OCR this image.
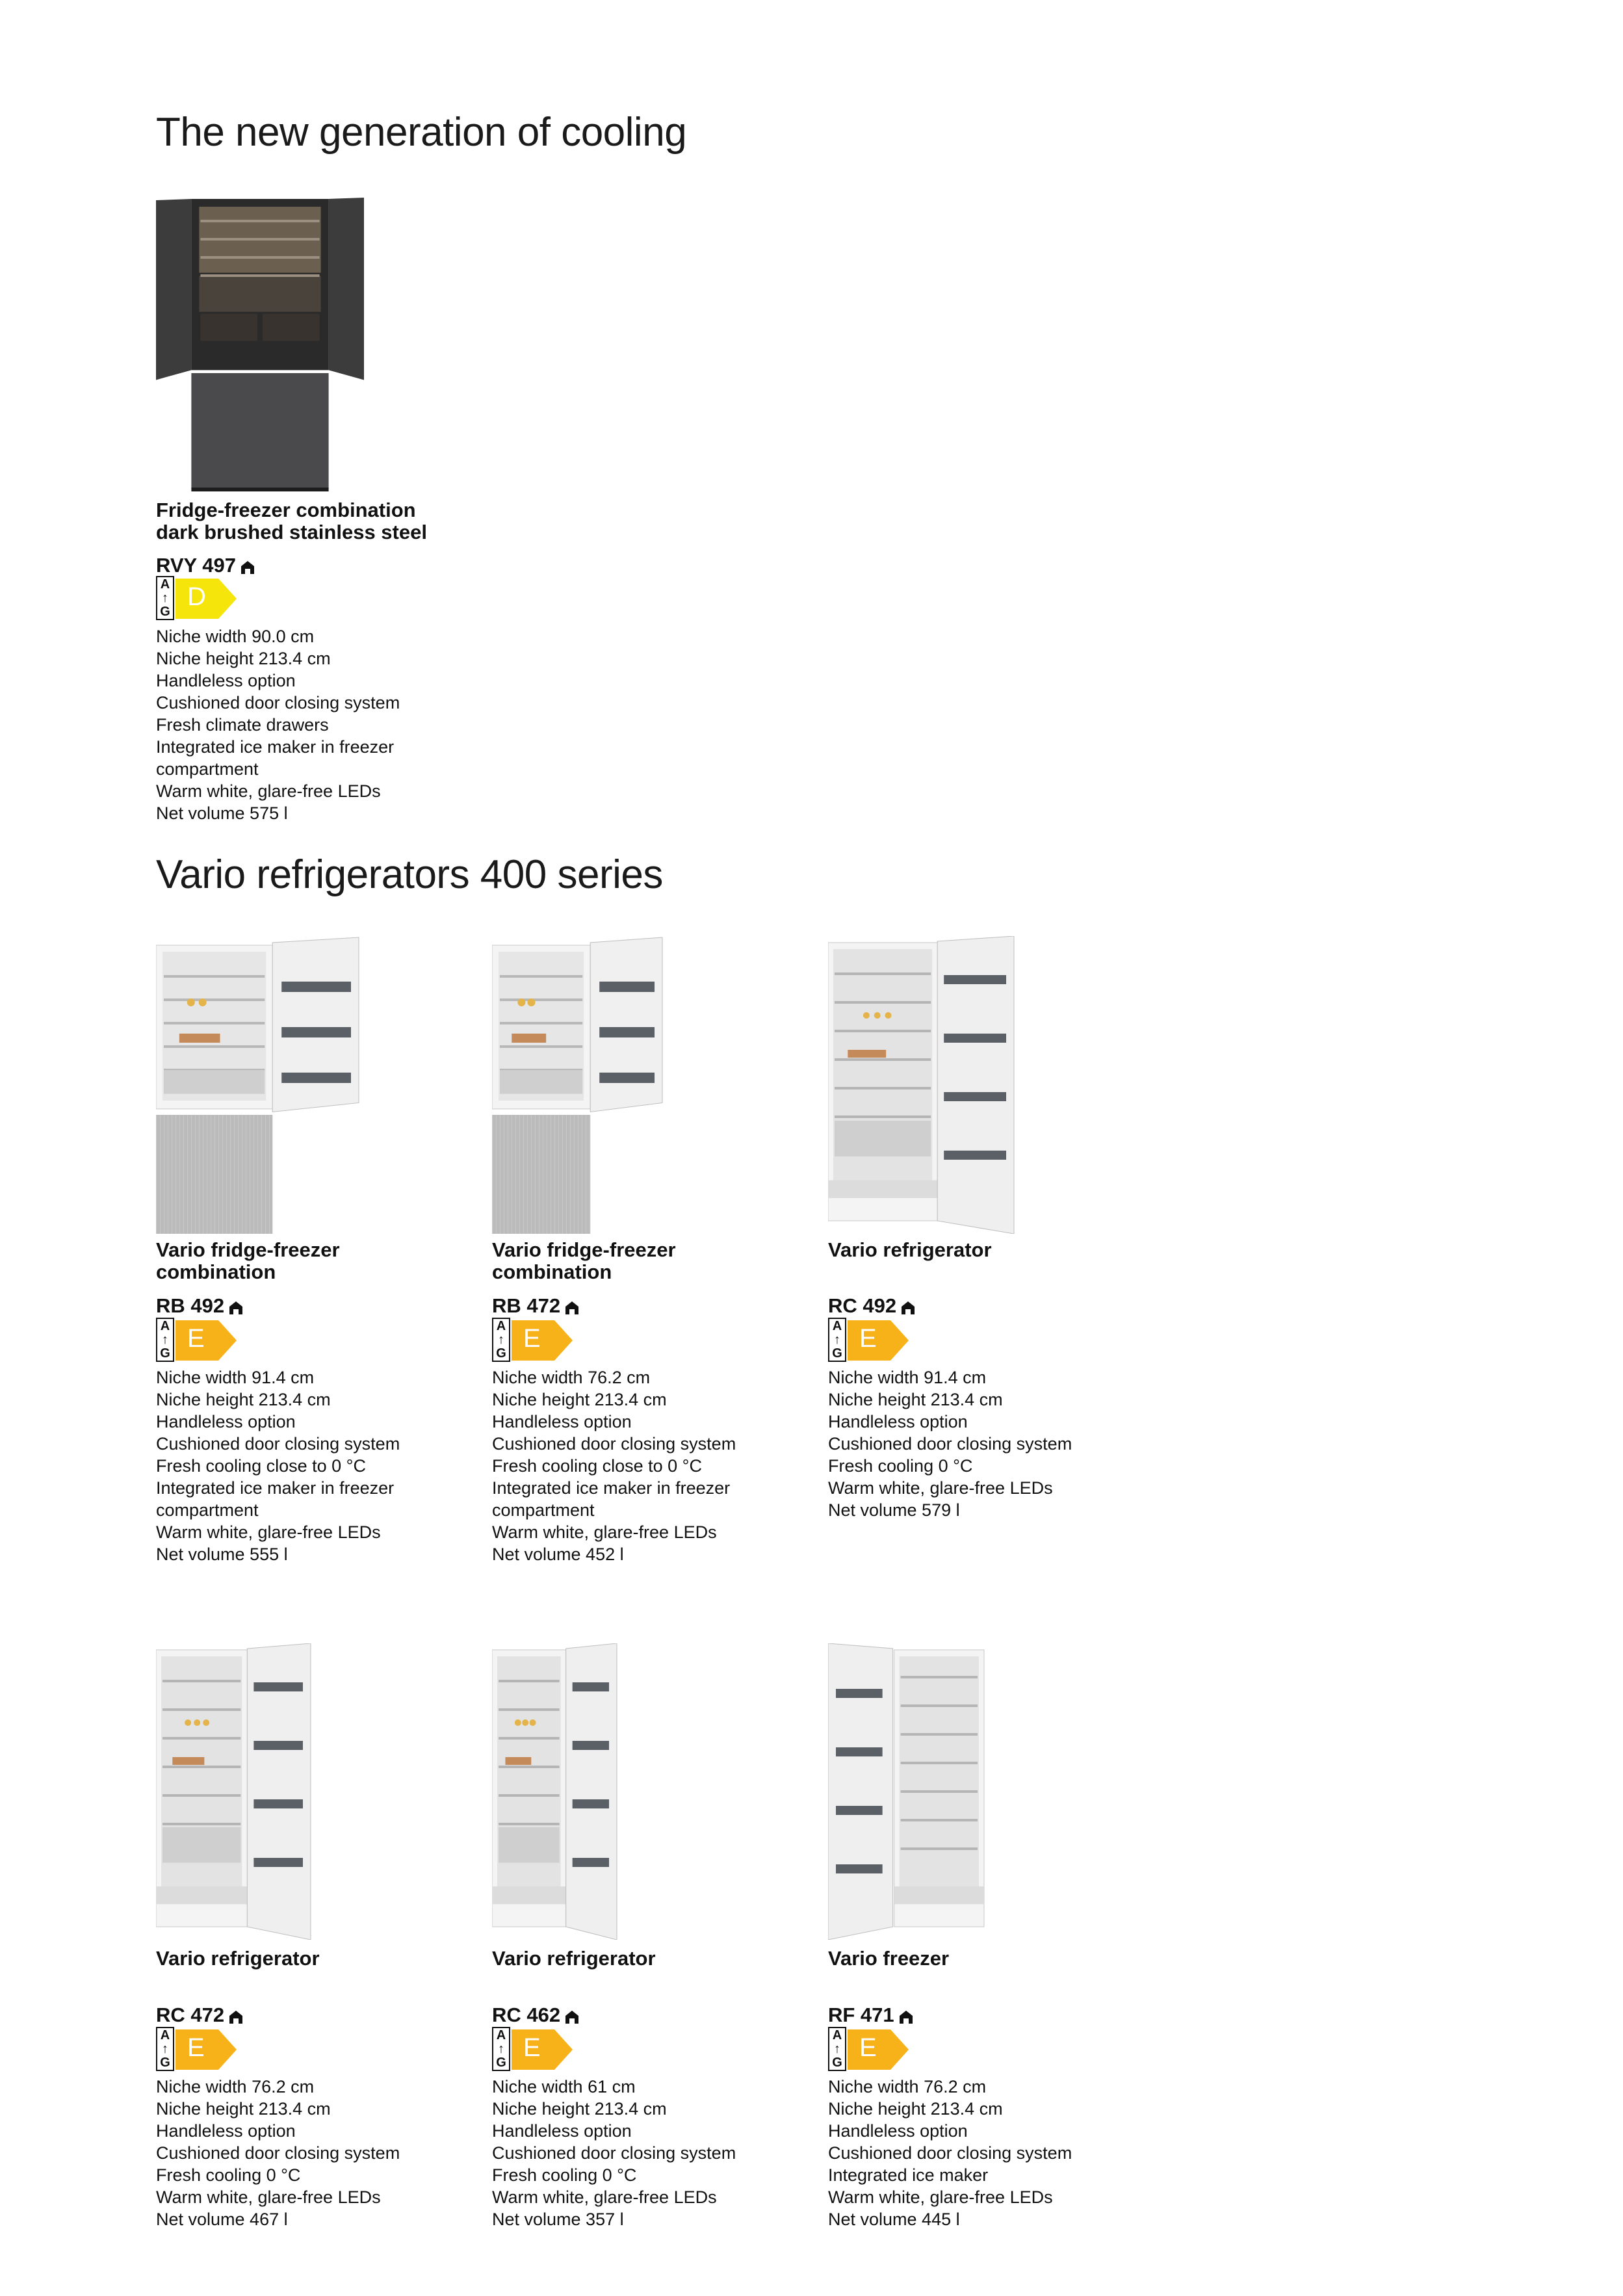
The new generation of cooling
Vario refrigerators 400 series
Fridge-freezer combination
dark brushed stainless steel
RVY 497
A
↑
G
D
Niche width 90.0 cm
Niche height 213.4 cm
Handleless option
Cushioned door closing system
Fresh climate drawers
Integrated ice maker in freezer
compartment
Warm white, glare-free LEDs
Net volume 575 l
Vario fridge-freezer
combination
RB 492
A
↑
G
E
Niche width 91.4 cm
Niche height 213.4 cm
Handleless option
Cushioned door closing system
Fresh cooling close to 0 °C
Integrated ice maker in freezer
compartment
Warm white, glare-free LEDs
Net volume 555 l
Vario fridge-freezer
combination
RB 472
A
↑
G
E
Niche width 76.2 cm
Niche height 213.4 cm
Handleless option
Cushioned door closing system
Fresh cooling close to 0 °C
Integrated ice maker in freezer
compartment
Warm white, glare-free LEDs
Net volume 452 l
Vario refrigerator
RC 492
A
↑
G
E
Niche width 91.4 cm
Niche height 213.4 cm
Handleless option
Cushioned door closing system
Fresh cooling 0 °C
Warm white, glare-free LEDs
Net volume 579 l
Vario refrigerator
RC 472
A
↑
G
E
Niche width 76.2 cm
Niche height 213.4 cm
Handleless option
Cushioned door closing system
Fresh cooling 0 °C
Warm white, glare-free LEDs
Net volume 467 l
Vario refrigerator
RC 462
A
↑
G
E
Niche width 61 cm
Niche height 213.4 cm
Handleless option
Cushioned door closing system
Fresh cooling 0 °C
Warm white, glare-free LEDs
Net volume 357 l
Vario freezer
RF 471
A
↑
G
E
Niche width 76.2 cm
Niche height 213.4 cm
Handleless option
Cushioned door closing system
Integrated ice maker
Warm white, glare-free LEDs
Net volume 445 l
